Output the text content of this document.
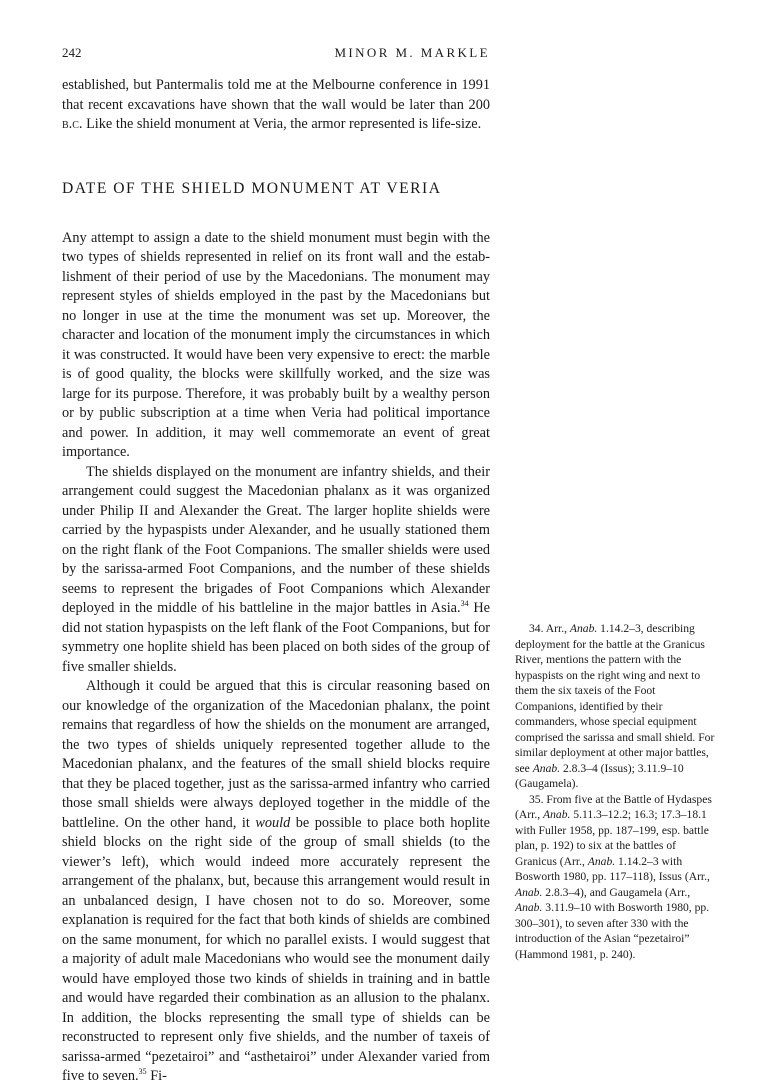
242	MINOR M. MARKLE

established, but Pantermalis told me at the Melbourne conference in 1991 that recent excavations have shown that the wall would be later than 200 b.c. Like the shield monument at Veria, the armor represented is life-size.

DATE OF THE SHIELD MONUMENT AT VERIA

Any attempt to assign a date to the shield monument must begin with the two types of shields represented in relief on its front wall and the establishment of their period of use by the Macedonians. The monument may represent styles of shields employed in the past by the Macedonians but no longer in use at the time the monument was set up. Moreover, the character and location of the monument imply the circumstances in which it was constructed. It would have been very expensive to erect: the marble is of good quality, the blocks were skillfully worked, and the size was large for its purpose. Therefore, it was probably built by a wealthy person or by public subscription at a time when Veria had political importance and power. In addition, it may well commemorate an event of great importance.

The shields displayed on the monument are infantry shields, and their arrangement could suggest the Macedonian phalanx as it was organized under Philip II and Alexander the Great. The larger hoplite shields were carried by the hypaspists under Alexander, and he usually stationed them on the right flank of the Foot Companions. The smaller shields were used by the sarissa-armed Foot Companions, and the number of these shields seems to represent the brigades of Foot Companions which Alexander deployed in the middle of his battleline in the major battles in Asia.$^{34}$ He did not station hypaspists on the left flank of the Foot Companions, but for symmetry one hoplite shield has been placed on both sides of the group of five smaller shields.

Although it could be argued that this is circular reasoning based on our knowledge of the organization of the Macedonian phalanx, the point remains that regardless of how the shields on the monument are arranged, the two types of shields uniquely represented together allude to the Macedonian phalanx, and the features of the small shield blocks require that they be placed together, just as the sarissa-armed infantry who carried those small shields were always deployed together in the middle of the battleline. On the other hand, it would be possible to place both hoplite shield blocks on the right side of the group of small shields (to the viewer’s left), which would indeed more accurately represent the arrangement of the phalanx, but, because this arrangement would result in an unbalanced design, I have chosen not to do so. Moreover, some explanation is required for the fact that both kinds of shields are combined on the same monument, for which no parallel exists. I would suggest that a majority of adult male Macedonians who would see the monument daily would have employed those two kinds of shields in training and in battle and would have regarded their combination as an allusion to the phalanx. In addition, the blocks representing the small type of shields can be reconstructed to represent only five shields, and the number of taxeis of sarissa-armed “pezetairoi” and “asthetairoi” under Alexander varied from five to seven.$^{35}$ Fi-

34. Arr., Anab. 1.14.2–3, describing deployment for the battle at the Granicus River, mentions the pattern with the hypaspists on the right wing and next to them the six taxeis of the Foot Companions, identified by their commanders, whose special equipment comprised the sarissa and small shield. For similar deployment at other major battles, see Anab. 2.8.3–4 (Issus); 3.11.9–10 (Gaugamela).

35. From five at the Battle of Hydaspes (Arr., Anab. 5.11.3–12.2; 16.3; 17.3–18.1 with Fuller 1958, pp. 187–199, esp. battle plan, p. 192) to six at the battles of Granicus (Arr., Anab. 1.14.2–3 with Bosworth 1980, pp. 117–118), Issus (Arr., Anab. 2.8.3–4), and Gaugamela (Arr., Anab. 3.11.9–10 with Bosworth 1980, pp. 300–301), to seven after 330 with the introduction of the Asian “pezetairoi” (Hammond 1981, p. 240).
